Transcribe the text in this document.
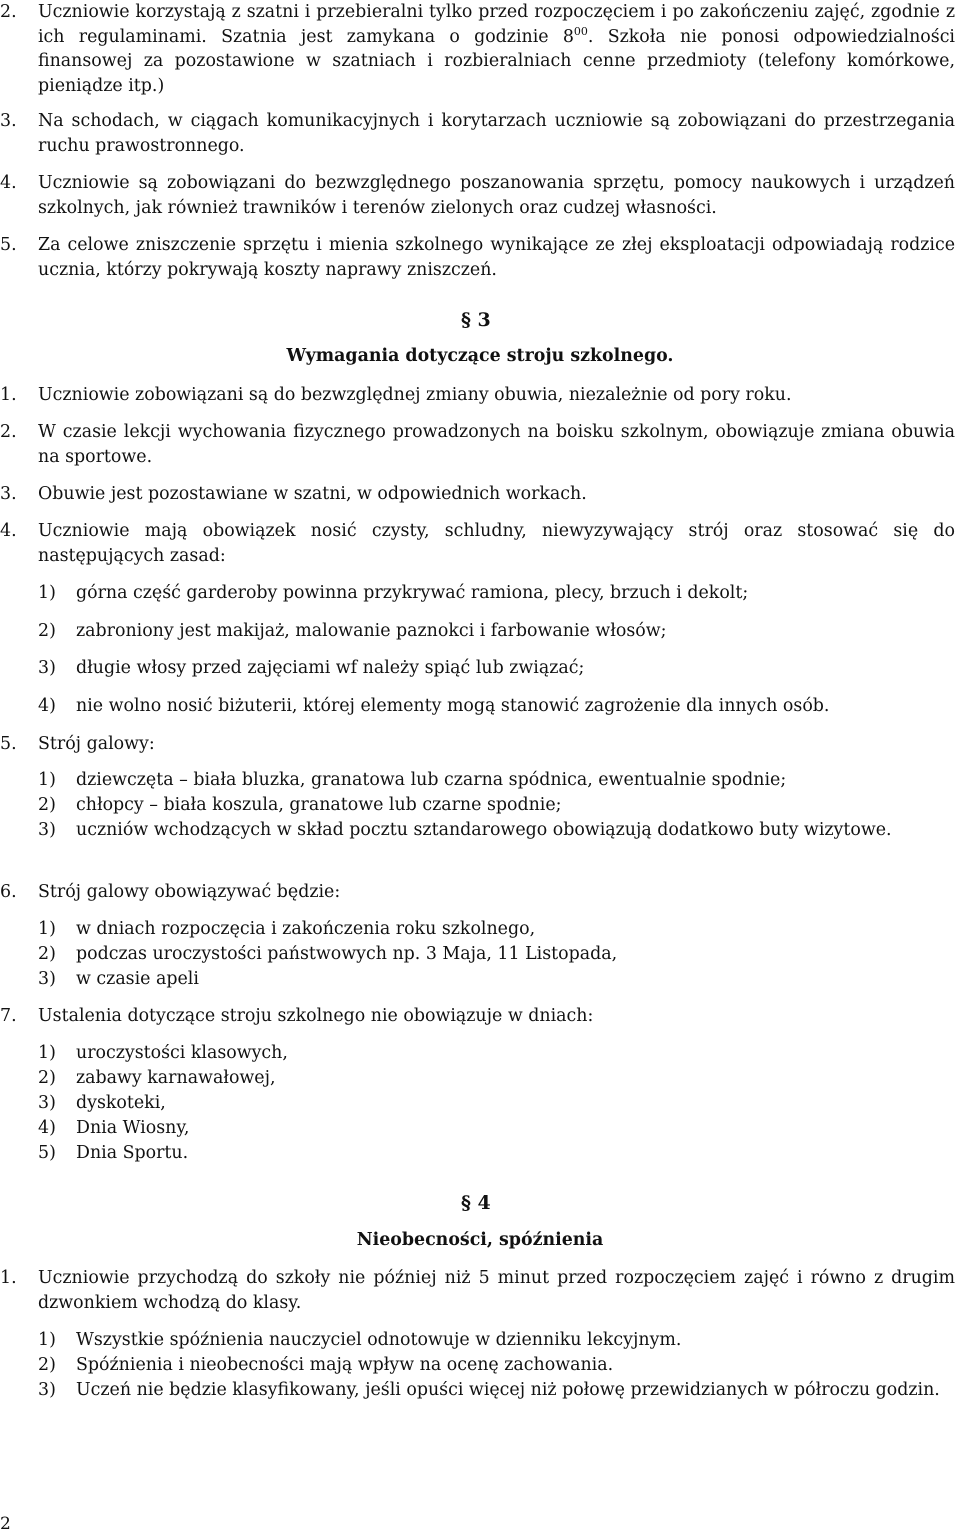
2. Uczniowie korzystają z szatni i przebieralni tylko przed rozpoczęciem i po zakończeniu zajęć, zgodnie z ich regulaminami. Szatnia jest zamykana o godzinie $8^{00}$. Szkoła nie ponosi odpowiedzialności finansowej za pozostawione w szatniach i rozbieralniach cenne przedmioty (telefony komórkowe, pieniądze itp.)
3. Na schodach, w ciągach komunikacyjnych i korytarzach uczniowie są zobowiązani do przestrzegania ruchu prawostronnego.
4. Uczniowie są zobowiązani do bezwzględnego poszanowania sprzętu, pomocy naukowych i urządzeń szkolnych, jak również trawników i terenów zielonych oraz cudzej własności.
5. Za celowe zniszczenie sprzętu i mienia szkolnego wynikające ze złej eksploatacji odpowiadają rodzice ucznia, którzy pokrywają koszty naprawy zniszczeń.
§ 3
Wymagania dotyczące stroju szkolnego.
1. Uczniowie zobowiązani są do bezwzględnej zmiany obuwia, niezależnie od pory roku.
2. W czasie lekcji wychowania fizycznego prowadzonych na boisku szkolnym, obowiązuje zmiana obuwia na sportowe.
3. Obuwie jest pozostawiane w szatni, w odpowiednich workach.
4. Uczniowie mają obowiązek nosić czysty, schludny, niewyzywający strój oraz stosować się do następujących zasad:
1) górna część garderoby powinna przykrywać ramiona, plecy, brzuch i dekolt;
2) zabroniony jest makijaż, malowanie paznokci i farbowanie włosów;
3) długie włosy przed zajęciami wf należy spiąć lub związać;
4) nie wolno nosić biżuterii, której elementy mogą stanowić zagrożenie dla innych osób.
5. Strój galowy:
1) dziewczęta – biała bluzka, granatowa lub czarna spódnica, ewentualnie spodnie;
2) chłopcy – biała koszula, granatowe lub czarne spodnie;
3) uczniów wchodzących w skład pocztu sztandarowego obowiązują dodatkowo buty wizytowe.
6. Strój galowy obowiązywać będzie:
1) w dniach rozpoczęcia i zakończenia roku szkolnego,
2) podczas uroczystości państwowych np. 3 Maja, 11 Listopada,
3) w czasie apeli
7. Ustalenia dotyczące stroju szkolnego nie obowiązuje w dniach:
1) uroczystości klasowych,
2) zabawy karnawałowej,
3) dyskoteki,
4) Dnia Wiosny,
5) Dnia Sportu.
§ 4
Nieobecności, spóźnienia
1. Uczniowie przychodzą do szkoły nie później niż 5 minut przed rozpoczęciem zajęć i równo z drugim dzwonkiem wchodzą do klasy.
1) Wszystkie spóźnienia nauczyciel odnotowuje w dzienniku lekcyjnym.
2) Spóźnienia i nieobecności mają wpływ na ocenę zachowania.
3) Uczeń nie będzie klasyfikowany, jeśli opuści więcej niż połowę przewidzianych w półroczu godzin.
2
